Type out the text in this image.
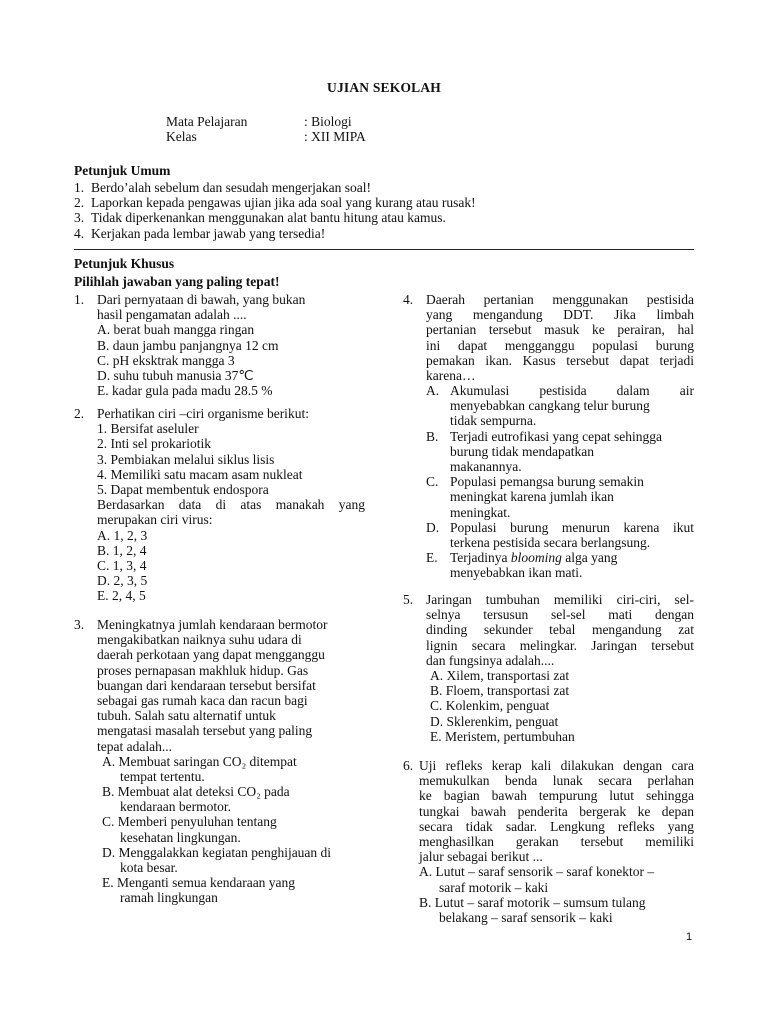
UJIAN SEKOLAH
Mata Pelajaran	: Biologi
Kelas	: XII MIPA
Petunjuk Umum
1. Berdo’alah sebelum dan sesudah mengerjakan soal!
2. Laporkan kepada pengawas ujian jika ada soal yang kurang atau rusak!
3. Tidak diperkenankan menggunakan alat bantu hitung atau kamus.
4. Kerjakan pada lembar jawab yang tersedia!
Petunjuk Khusus
Pilihlah jawaban yang paling tepat!
1. Dari pernyataan di bawah, yang bukan
hasil pengamatan adalah ....
A. berat buah mangga ringan
B. daun jambu panjangnya 12 cm
C. pH eksktrak mangga 3
D. suhu tubuh manusia 37℃
E. kadar gula pada madu 28.5 %
2. Perhatikan ciri –ciri organisme berikut:
1. Bersifat aseluler
2. Inti sel prokariotik
3. Pembiakan melalui siklus lisis
4. Memiliki satu macam asam nukleat
5. Dapat membentuk endospora
Berdasarkan data di atas manakah yang
merupakan ciri virus:
A. 1, 2, 3
B. 1, 2, 4
C. 1, 3, 4
D. 2, 3, 5
E. 2, 4, 5
3. Meningkatnya jumlah kendaraan bermotor
mengakibatkan naiknya suhu udara di
daerah perkotaan yang dapat mengganggu
proses pernapasan makhluk hidup. Gas
buangan dari kendaraan tersebut bersifat
sebagai gas rumah kaca dan racun bagi
tubuh. Salah satu alternatif untuk
mengatasi masalah tersebut yang paling
tepat adalah...
A. Membuat saringan CO₂ ditempat
tempat tertentu.
B. Membuat alat deteksi CO₂ pada
kendaraan bermotor.
C. Memberi penyuluhan tentang
kesehatan lingkungan.
D. Menggalakkan kegiatan penghijauan di
kota besar.
E. Menganti semua kendaraan yang
ramah lingkungan
4. Daerah pertanian menggunakan pestisida
yang mengandung DDT. Jika limbah
pertanian tersebut masuk ke perairan, hal
ini dapat mengganggu populasi burung
pemakan ikan. Kasus tersebut dapat terjadi
karena…
A. Akumulasi pestisida dalam air
menyebabkan cangkang telur burung
tidak sempurna.
B. Terjadi eutrofikasi yang cepat sehingga
burung tidak mendapatkan
makanannya.
C. Populasi pemangsa burung semakin
meningkat karena jumlah ikan
meningkat.
D. Populasi burung menurun karena ikut
terkena pestisida secara berlangsung.
E. Terjadinya blooming alga yang
menyebabkan ikan mati.
5. Jaringan tumbuhan memiliki ciri-ciri, sel-
selnya tersusun sel-sel mati dengan
dinding sekunder tebal mengandung zat
lignin secara melingkar. Jaringan tersebut
dan fungsinya adalah....
A. Xilem, transportasi zat
B. Floem, transportasi zat
C. Kolenkim, penguat
D. Sklerenkim, penguat
E. Meristem, pertumbuhan
6. Uji refleks kerap kali dilakukan dengan cara
memukulkan benda lunak secara perlahan
ke bagian bawah tempurung lutut sehingga
tungkai bawah penderita bergerak ke depan
secara tidak sadar. Lengkung refleks yang
menghasilkan gerakan tersebut memiliki
jalur sebagai berikut ...
A. Lutut – saraf sensorik – saraf konektor –
saraf motorik – kaki
B. Lutut – saraf motorik – sumsum tulang
belakang – saraf sensorik – kaki
1
